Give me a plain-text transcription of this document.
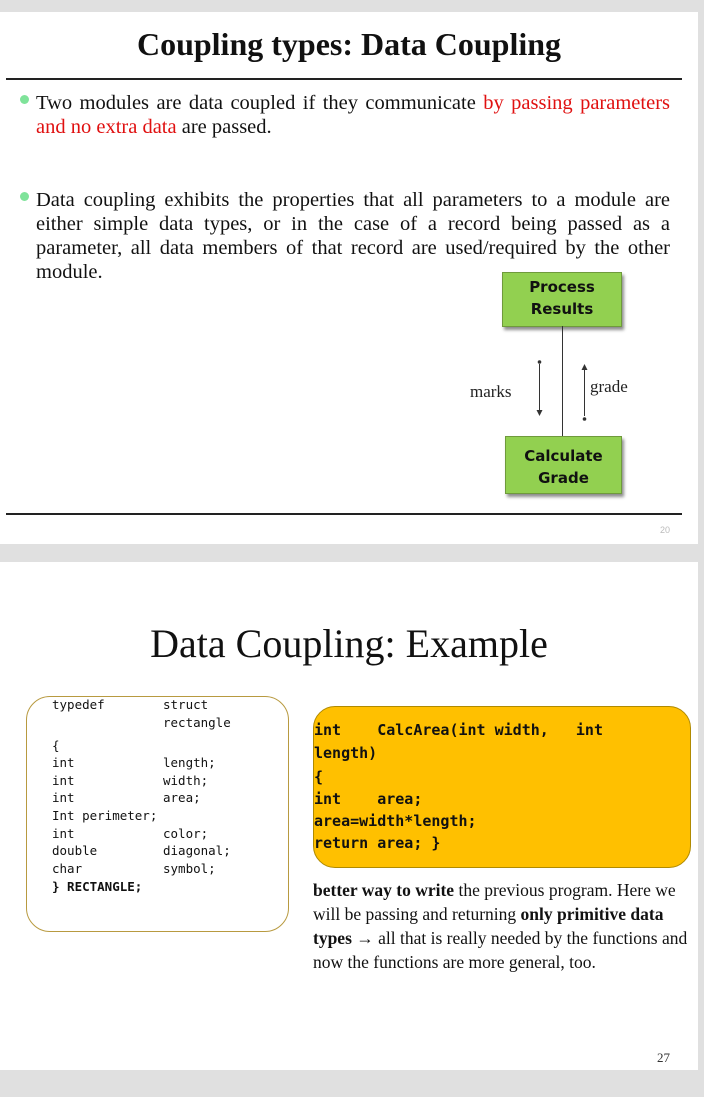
Coupling types: Data Coupling
Two modules are data coupled if they communicate by passing parameters and no extra data are passed.
Data coupling exhibits the properties that all parameters to a module are either simple data types, or in the case of a record being passed as a parameter, all data members of that record are used/required by the other module.
Process
Results
marks	grade
Calculate
Grade
20
Data Coupling: Example
typedef	struct
rectangle
{
int	length;
int	width;
int	area;
Int perimeter;
int	color;
double	diagonal;
char	symbol;
} RECTANGLE;
int    CalcArea(int width,   int
length)
{
int    area;
area=width*length;
return area; }
better way to write the previous program. Here we will be passing and returning only primitive data types → all that is really needed by the functions and now the functions are more general, too.
27
